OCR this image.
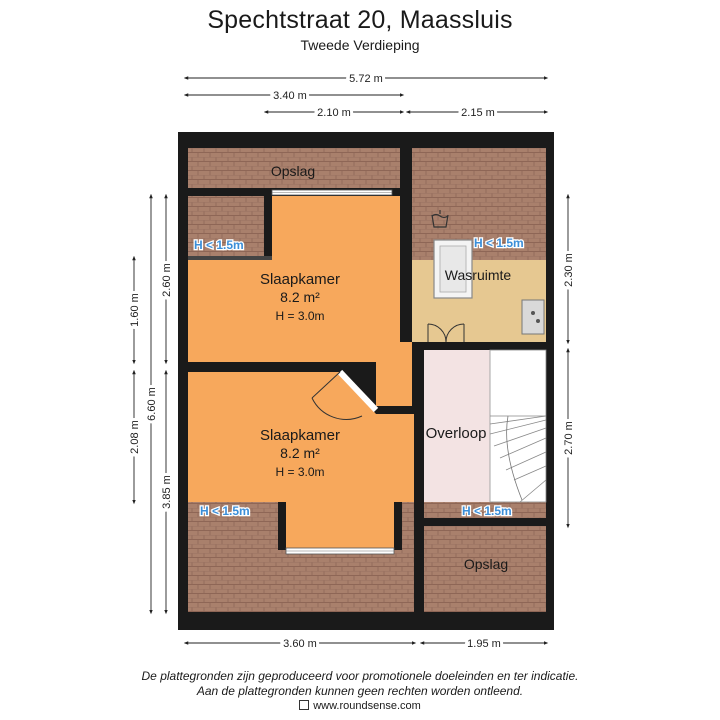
Spechtstraat 20, Maassluis
Tweede Verdieping
5.72 m
3.40 m
2.10 m	2.15 m
3.60 m	1.95 m
1.60 m
2.08 m
6.60 m
2.60 m
3.85 m
2.30 m
2.70 m
Opslag
Slaapkamer
8.2 m²
H = 3.0m
Slaapkamer
8.2 m²
H = 3.0m
Wasruimte
Overloop
Opslag
H < 1.5m	H < 1.5m
H < 1.5m	H < 1.5m
De plattegronden zijn geproduceerd voor promotionele doeleinden en ter indicatie.
Aan de plattegronden kunnen geen rechten worden ontleend.
www.roundsense.com
